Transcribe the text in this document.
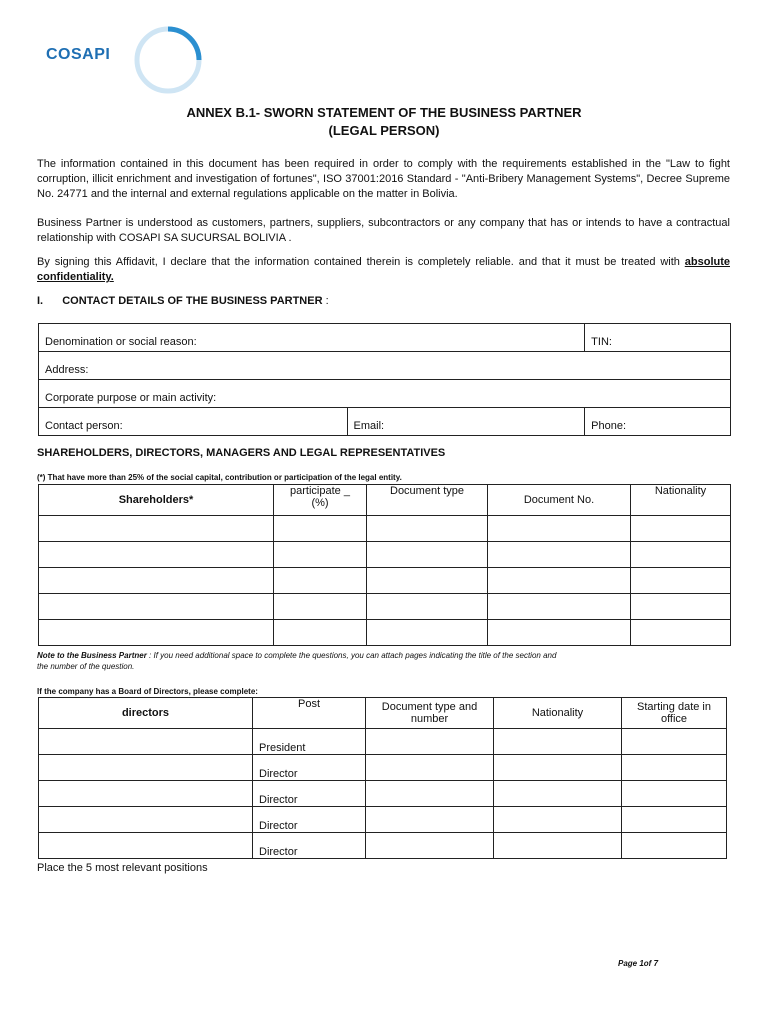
COSAPI
ANNEX B.1- SWORN STATEMENT OF THE BUSINESS PARTNER
(LEGAL PERSON)
The information contained in this document has been required in order to comply with the requirements established in the "Law to fight corruption, illicit enrichment and investigation of fortunes", ISO 37001:2016 Standard - "Anti-Bribery Management Systems", Decree Supreme No. 24771 and the internal and external regulations applicable on the matter in Bolivia.
Business Partner is understood as customers, partners, suppliers, subcontractors or any company that has or intends to have a contractual relationship with COSAPI SA SUCURSAL BOLIVIA .
By signing this Affidavit, I declare that the information contained therein is completely reliable. and that it must be treated with absolute confidentiality.
I. CONTACT DETAILS OF THE BUSINESS PARTNER :
Denomination or social reason:		TIN:
Address:		
Corporate purpose or main activity:		
Contact person:	Email:	Phone:
SHAREHOLDERS, DIRECTORS, MANAGERS AND LEGAL REPRESENTATIVES
(*) That have more than 25% of the social capital, contribution or participation of the legal entity.
Shareholders*	participate _ (%)	Document type	Document No.	Nationality

Note to the Business Partner : If you need additional space to complete the questions, you can attach pages indicating the title of the section and
the number of the question.
If the company has a Board of Directors, please complete:
directors	Post	Document type and number	Nationality	Starting date in office
	President			
	Director			
	Director			
	Director			
	Director			
Place the 5 most relevant positions
Page 1of 7
